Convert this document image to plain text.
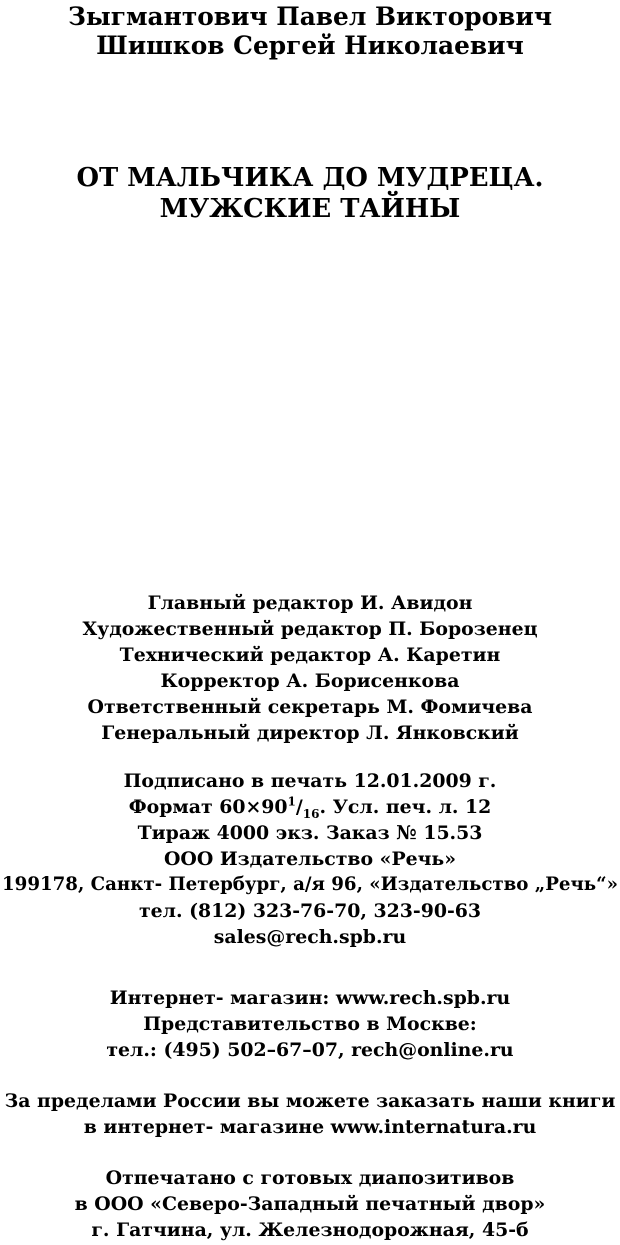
Зыгмантович Павел Викторович
Шишков Сергей Николаевич
ОТ МАЛЬЧИКА ДО МУДРЕЦА.
МУЖСКИЕ ТАЙНЫ
Главный редактор И. Авидон
Художественный редактор П. Борозенец
Технический редактор А. Каретин
Корректор А. Борисенкова
Ответственный секретарь М. Фомичева
Генеральный директор Л. Янковский
Подписано в печать 12.01.2009 г.
Формат $60\times 90^1/_{16}$. Усл. печ. л. 12
Тираж 4000 экз. Заказ № 15.53
ООО Издательство «Речь»
199178, Санкт- Петербург, а/я 96, «Издательство „Речь“»
тел. (812) 323-76-70, 323-90-63
sales@rech.spb.ru
Интернет- магазин: www.rech.spb.ru
Представительство в Москве:
тел.: (495) 502–67–07, rech@online.ru
За пределами России вы можете заказать наши книги
в интернет- магазине www.internatura.ru
Отпечатано с готовых диапозитивов
в ООО «Северо-Западный печатный двор»
г. Гатчина, ул. Железнодорожная, 45-б
